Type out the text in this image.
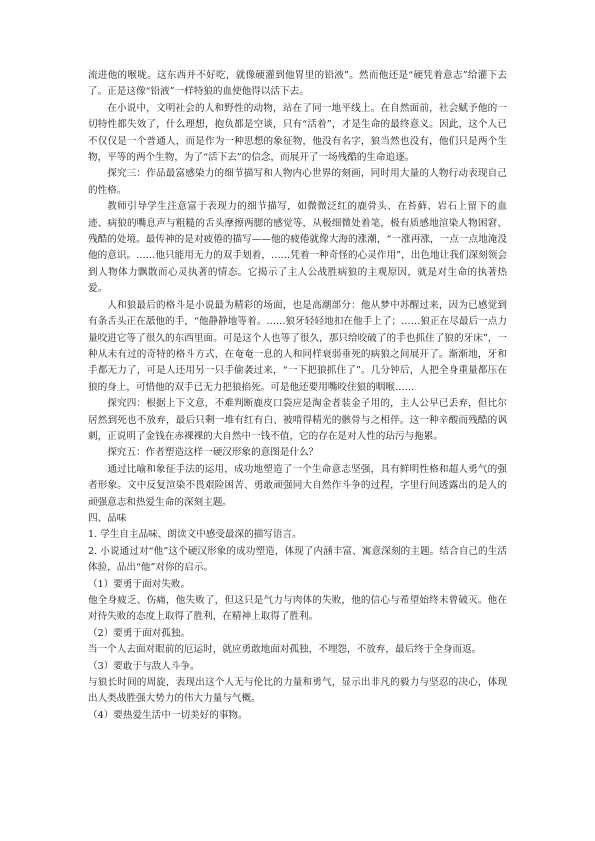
流进他的喉咙。这东西并不好吃，就像硬灌到他胃里的铅液”。然而他还是“硬凭着意志”给灌下去了。正是这像“铅液”一样特狼的血使他得以活下去。

在小说中，文明社会的人和野性的动物，站在了同一地平线上。在自然面前，社会赋予他的一切特性都失效了，什么理想，抱负都是空谈，只有“活着”，才是生命的最终意义。因此，这个人已不仅仅是一个普通人，而是作为一种思想的象征物，他没有名字，狼当然也没有，他们只是两个生物，平等的两个生物，为了“活下去”的信念，而展开了一场残酷的生命追逐。

探究三：作品最富感染力的细节描写和人物内心世界的刻画，同时用大量的人物行动表现自己的性格。

教师引导学生注意富于表现力的细节描写，如微微泛红的鹿骨头、在苔藓、岩石上留下的血迹、病狼的嘴息声与粗糙的舌头摩擦两腮的感觉等，从极细微处着笔，极有质感地渲染人物困窘、残酷的处境。最传神的是对疲倦的描写——他的疲倦就像大海的涨潮，“一涨再涨，一点一点地淹没他的意识。……他只能用无力的双手划着，……凭着一种奇怪的心灵作用”，出色地让我们深刻领会到人物体力飘散而心灵执著的情态。它揭示了主人公战胜病狼的主观原因，就是对生命的执著热爱。

人和狼最后的格斗是小说最为精彩的场面，也是高潮部分：他从梦中苏醒过来，因为已感觉到有条舌头正在舐他的手，“他静静地等着。……狼牙轻轻地扣在他手上了；……狼正在尽最后一点力量咬进它等了很久的东西里面。可是这个人也等了很久，那只给咬破了的手也抓住了狼的牙床”，一种从未有过的奇特的格斗方式，在奄奄一息的人和同样衰弱垂死的病狼之间展开了。渐渐地，牙和手都无力了，可是人还用另一只手偷袭过来，“一下把狼抓住了”。几分钟后，人把全身重量都压在狼的身上，可惜他的双手已无力把狼掐死。可是他还要用嘴咬住狼的咽喉……

探究四：根据上下文意，不难判断鹿皮口袋应是淘金者装金子用的，主人公早已丢弃，但比尔居然到死也不放弃，最后只剩一堆有红有白、被啃得精光的骸骨与之相伴。这一种辛酸而残酷的讽刺，正说明了金钱在赤裸裸的大自然中一钱不值，它的存在是对人性的玷污与拖累。

探究五：作者塑造这样一硬汉形象的意图是什么？

通过比喻和象征手法的运用，成功地塑造了一个生命意志坚强，具有鲜明性格和超人勇气的强者形象。文中反复渲染不畏艰险困苦、勇敢顽强同大自然作斗争的过程，字里行间透露出的是人的顽强意志和热爱生命的深刻主题。

四、品味

1. 学生自主品味、朗读文中感受最深的描写语言。

2. 小说通过对“他”这个硬汉形象的成功塑造，体现了内涵丰富、寓意深刻的主题。结合自己的生活体验，品出“他”对你的启示。

（1）要勇于面对失败。

他全身疲乏、伤痛，他失败了，但这只是气力与肉体的失败，他的信心与希望始终未曾破灭。他在对待失败的态度上取得了胜利，在精神上取得了胜利。

（2）要勇于面对孤独。

当一个人去面对眼前的厄运时，就应勇敢地面对孤独，不埋怨，不放弃，最后终于全身而返。

（3）要敢于与敌人斗争。

与狼长时间的周旋，表现出这个人无与伦比的力量和勇气，显示出非凡的毅力与坚忍的决心，体现出人类战胜强大势力的伟大力量与气概。

（4）要热爱生活中一切美好的事物。
